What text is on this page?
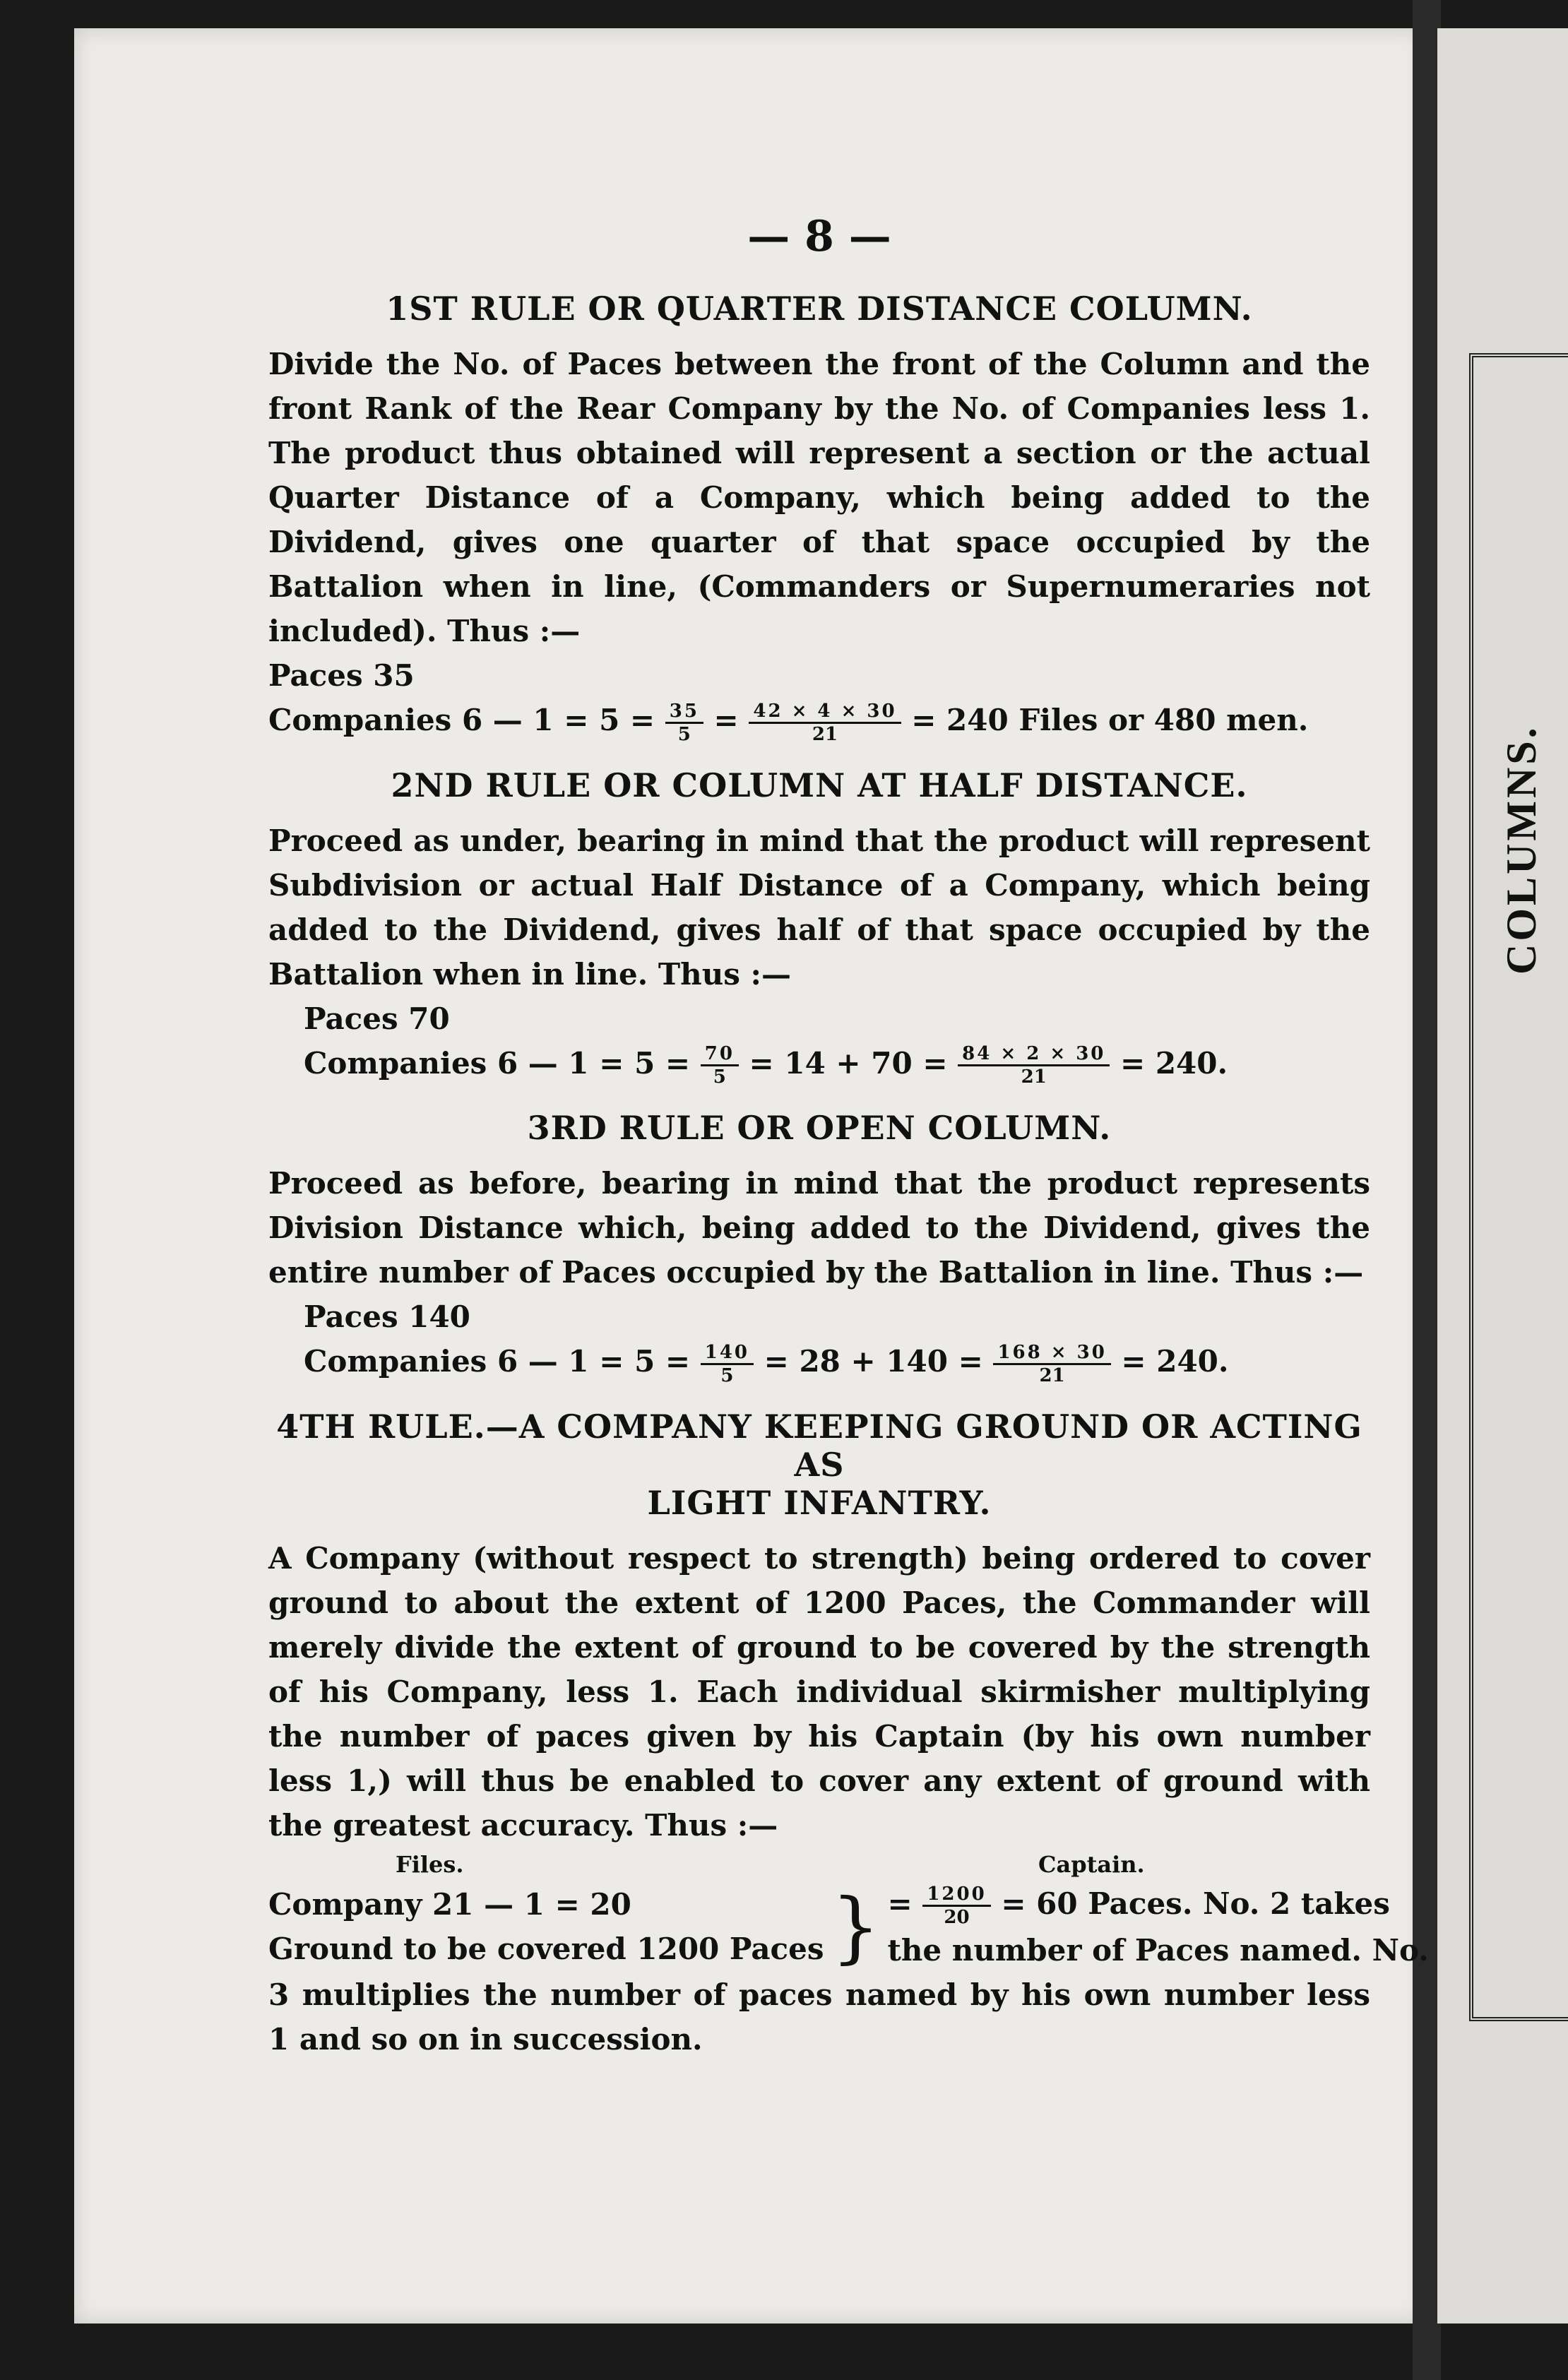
COLUMNS.
— 8 —
1ST RULE OR QUARTER DISTANCE COLUMN.

Divide the No. of Paces between the front of the Column and the front Rank of the Rear Company by the No. of Companies less 1. The product thus obtained will represent a section or the actual Quarter Distance of a Company, which being added to the Dividend, gives one quarter of that space occupied by the Battalion when in line, (Commanders or Supernumeraries not included). Thus :—

Paces 35
Companies 6 — $1 = 5 = \frac{35}{5} = \frac{42 \times 4 \times 30}{21} = 240$ Files or 480 men.
2ND RULE OR COLUMN AT HALF DISTANCE.

Proceed as under, bearing in mind that the product will represent Subdivision or actual Half Distance of a Company, which being added to the Dividend, gives half of that space occupied by the Battalion when in line. Thus :—

Paces 70
Companies 6 — $1 = 5 = \frac{70}{5} = 14 + 70 = \frac{84 \times 2 \times 30}{21} = 240$.
3RD RULE OR OPEN COLUMN.

Proceed as before, bearing in mind that the product represents Division Distance which, being added to the Dividend, gives the entire number of Paces occupied by the Battalion in line. Thus :—

Paces 140
Companies 6 — $1 = 5 = \frac{140}{5} = 28 + 140 = \frac{168 \times 30}{21} = 240$.
4TH RULE.—A COMPANY KEEPING GROUND OR ACTING AS
LIGHT INFANTRY.

A Company (without respect to strength) being ordered to cover ground to about the extent of 1200 Paces, the Commander will merely divide the extent of ground to be covered by the strength of his Company, less 1. Each individual skirmisher multiplying the number of paces given by his Captain (by his own number less 1,) will thus be enabled to cover any extent of ground with the greatest accuracy. Thus :—

Files.	Captain.
Company 21 — 1 = 20
Ground to be covered 1200 Paces } = $\frac{1200}{20} = 60$ Paces. No. 2 takes
the number of Paces named. No.

3 multiplies the number of paces named by his own number less 1 and so on in succession.
